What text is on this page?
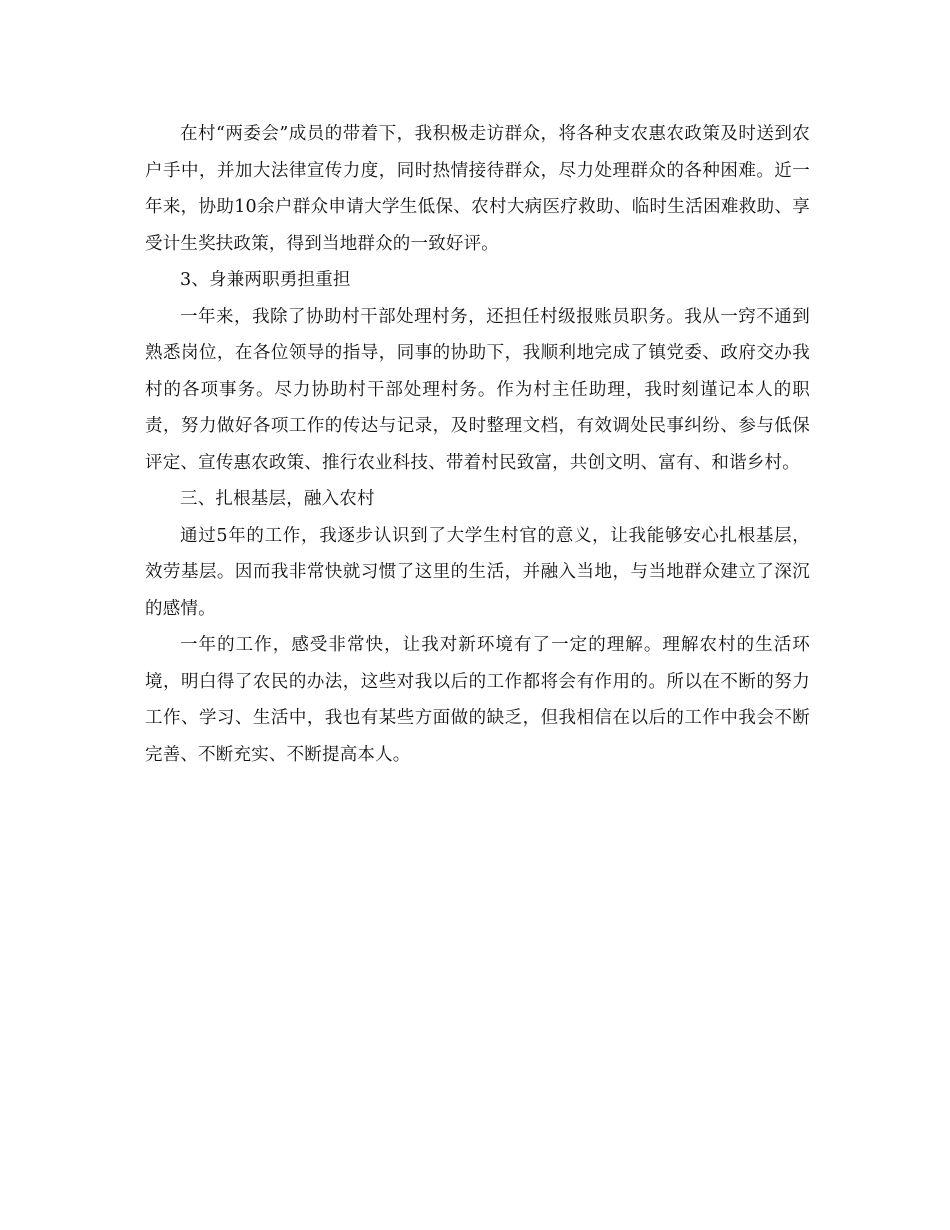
在村“两委会”成员的带着下，我积极走访群众，将各种支农惠农政策及时送到农户手中，并加大法律宣传力度，同时热情接待群众，尽力处理群众的各种困难。近一年来，协助10余户群众申请大学生低保、农村大病医疗救助、临时生活困难救助、享受计生奖扶政策，得到当地群众的一致好评。

3、身兼两职勇担重担

一年来，我除了协助村干部处理村务，还担任村级报账员职务。我从一窍不通到熟悉岗位，在各位领导的指导，同事的协助下，我顺利地完成了镇党委、政府交办我村的各项事务。尽力协助村干部处理村务。作为村主任助理，我时刻谨记本人的职责，努力做好各项工作的传达与记录，及时整理文档，有效调处民事纠纷、参与低保评定、宣传惠农政策、推行农业科技、带着村民致富，共创文明、富有、和谐乡村。

三、扎根基层，融入农村

通过5年的工作，我逐步认识到了大学生村官的意义，让我能够安心扎根基层，效劳基层。因而我非常快就习惯了这里的生活，并融入当地，与当地群众建立了深沉的感情。

一年的工作，感受非常快，让我对新环境有了一定的理解。理解农村的生活环境，明白得了农民的办法，这些对我以后的工作都将会有作用的。所以在不断的努力工作、学习、生活中，我也有某些方面做的缺乏，但我相信在以后的工作中我会不断完善、不断充实、不断提高本人。
